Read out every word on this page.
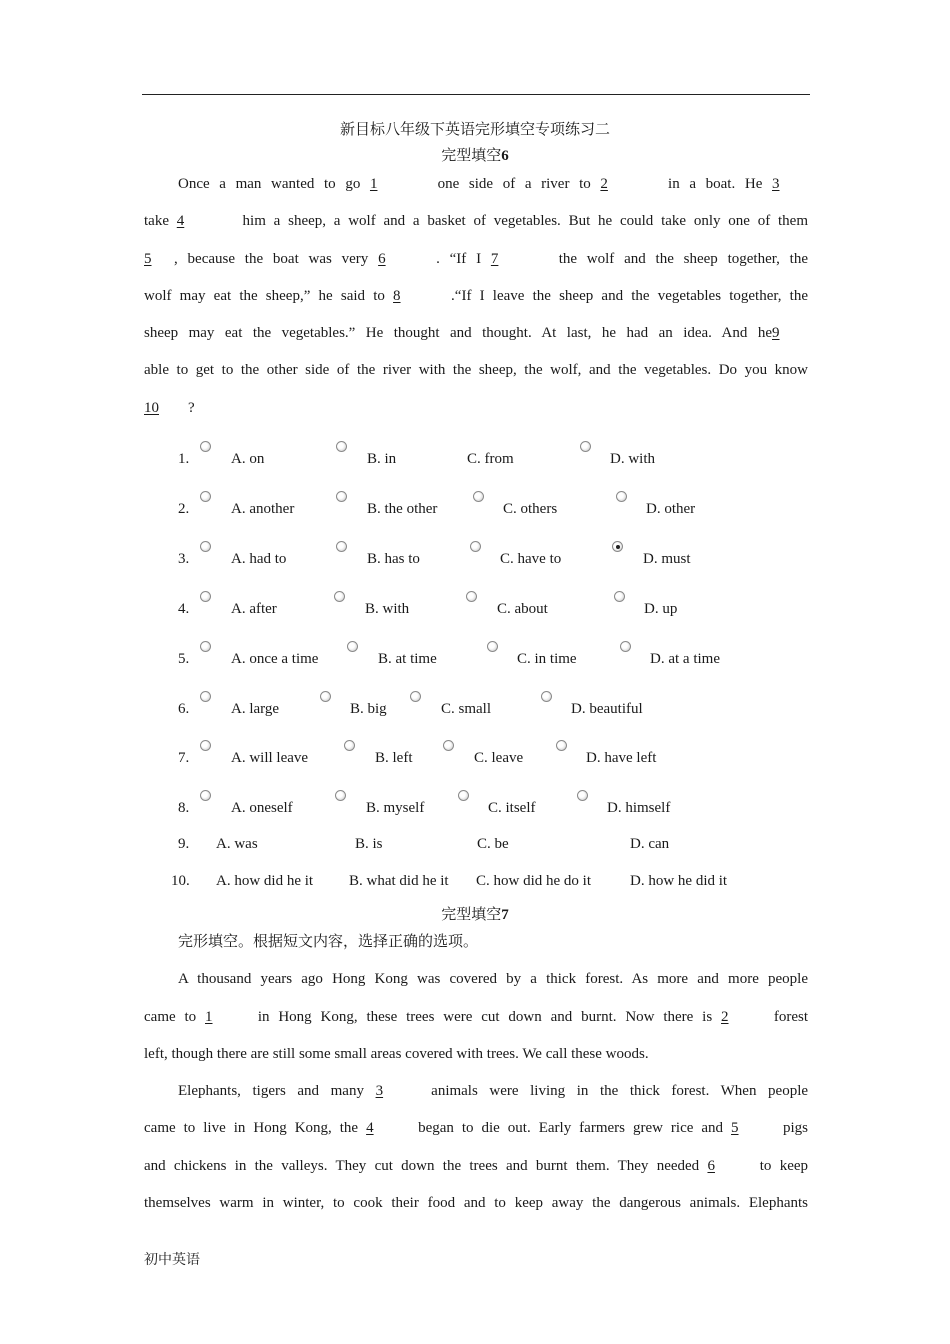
新目标八年级下英语完形填空专项练习二
完型填空6
Once a man wanted to go 1	one side of a river to 2	in a boat. He 3
take 4	him a sheep, a wolf and a basket of vegetables. But he could take only one of them
5 , because the boat was very 6	. “If I 7	the wolf and the sheep together, the
wolf may eat the sheep,” he said to 8	.“If I leave the sheep and the vegetables together, the
sheep may eat the vegetables.” He thought and thought. At last, he had an idea. And he9
able to get to the other side of the river with the sheep, the wolf, and the vegetables. Do you know
10 ?
1.	A. on	B. in	C. from	D. with
2.	A. another	B. the other	C. others	D. other
3.	A. had to	B. has to	C. have to	D. must
4.	A. after	B. with	C. about	D. up
5.	A. once a time	B. at time	C. in time	D. at a time
6.	A. large	B. big	C. small	D. beautiful
7.	A. will leave	B. left	C. leave	D. have left
8.	A. oneself	B. myself	C. itself	D. himself
9. A. was	B. is	C. be	D. can
10. A. how did he it B. what did he it C. how did he do it	D. how he did it
完型填空7
完形填空。根据短文内容，选择正确的选项。
A thousand years ago Hong Kong was covered by a thick forest. As more and more people
came to 1	in Hong Kong, these trees were cut down and burnt. Now there is 2	forest
left, though there are still some small areas covered with trees. We call these woods.
Elephants, tigers and many 3	animals were living in the thick forest. When people
came to live in Hong Kong, the 4	began to die out. Early farmers grew rice and 5	pigs
and chickens in the valleys. They cut down the trees and burnt them. They needed 6	to keep
themselves warm in winter, to cook their food and to keep away the dangerous animals. Elephants
初中英语
